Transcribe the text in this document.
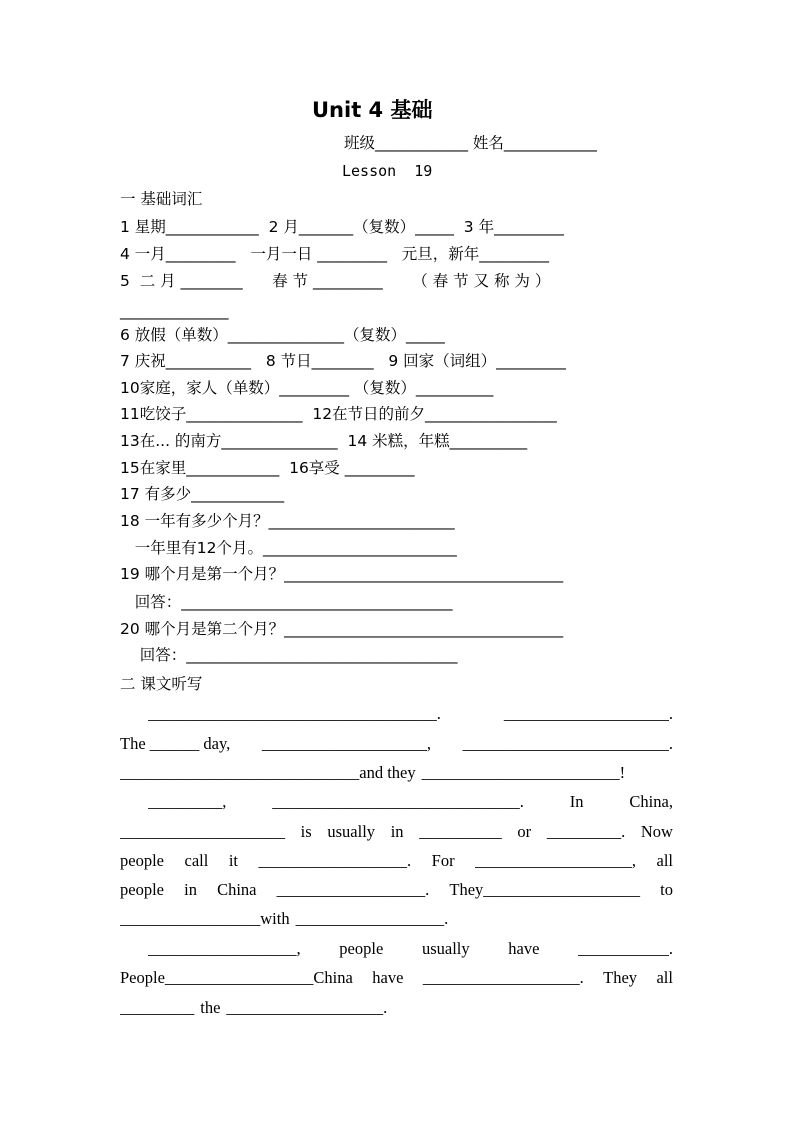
Unit 4 基础
班级____________ 姓名____________
Lesson  19
一 基础词汇
1 星期____________  2 月_______（复数）_____  3 年_________
4 一月_________   一月一日 _________   元旦，新年_________
5  二 月 ________      春 节 _________      （ 春 节 又 称 为 ）
______________
6 放假（单数）_______________（复数）_____
7 庆祝___________   8 节日________   9 回家（词组）_________
10家庭，家人（单数）_________ （复数）__________
11吃饺子_______________  12在节日的前夕_________________
13在... 的南方_______________  14 米糕，年糕__________
15在家里____________  16享受 _________
17 有多少____________
18 一年有多少个月？________________________
一年里有12个月。_________________________
19 哪个月是第一个月？____________________________________
回答：___________________________________
20 哪个月是第二个月？____________________________________
回答：___________________________________
二 课文听写
___________________________________.	____________________.
The ______ day, ____________________, _________________________.
_____________________________and they ________________________!
_________,	______________________________.	In	China,
____________________ is usually in __________ or _________. Now
people call it __________________. For ___________________, all
people in China __________________. They___________________ to
_________________with __________________.
__________________, people usually have ___________.
People__________________China have ___________________. They all
_________ the ___________________.
